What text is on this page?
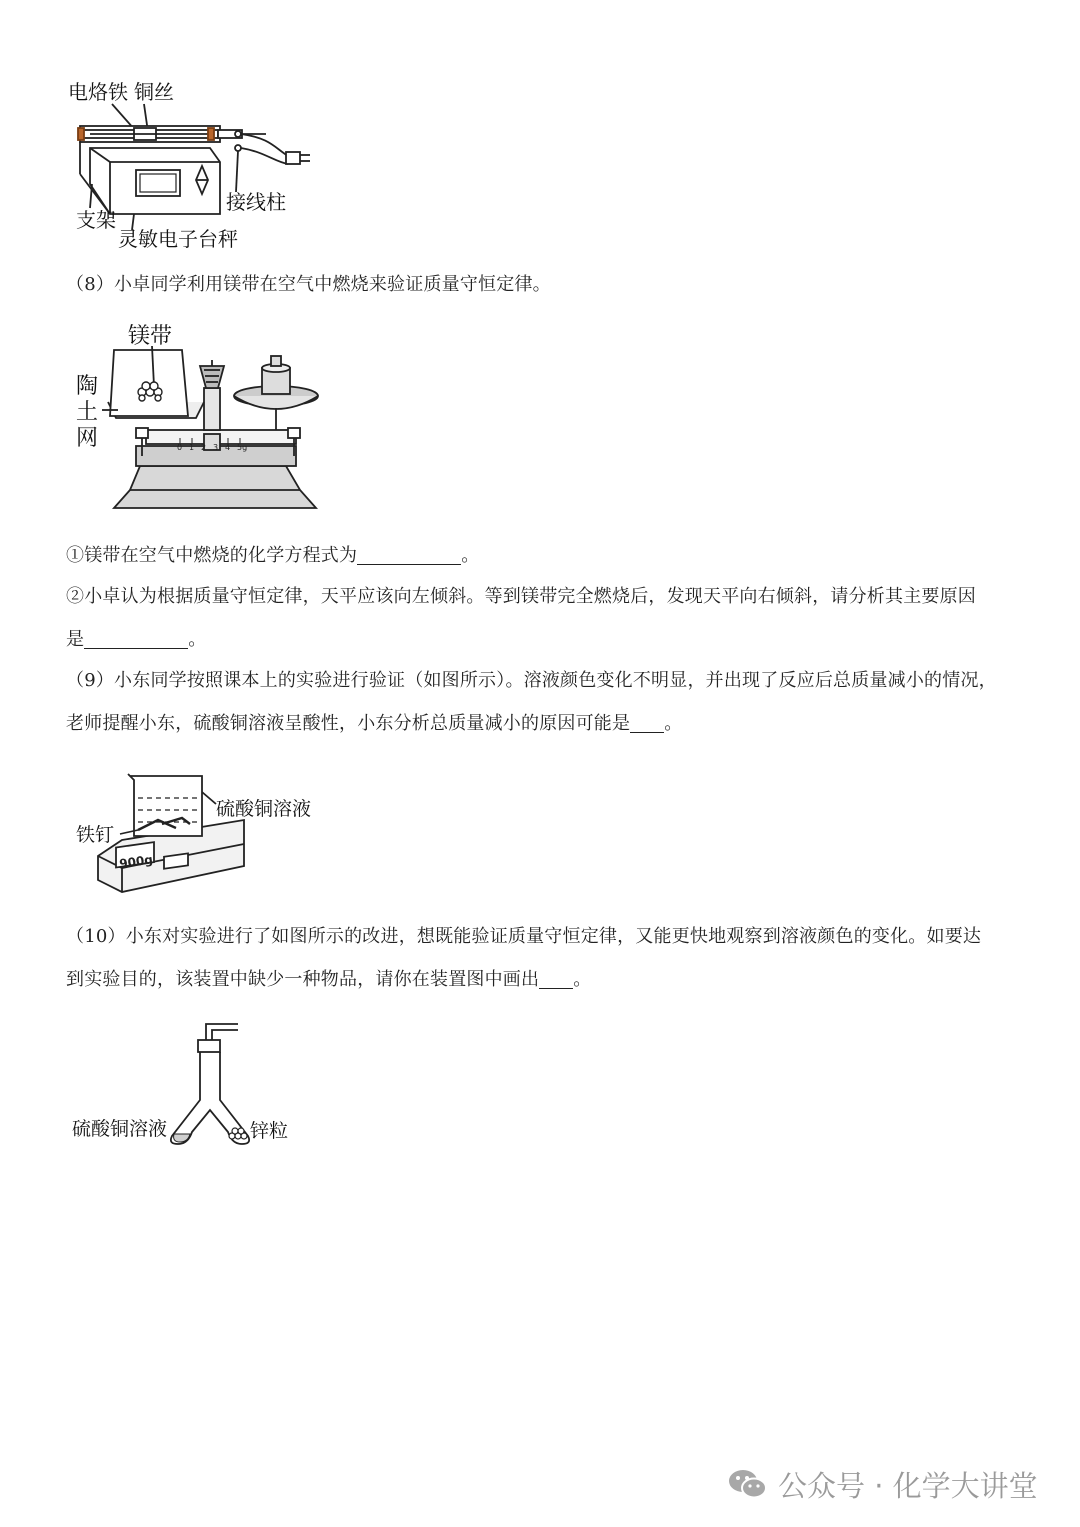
电烙铁 铜丝
接线柱
支架
灵敏电子台秤
（8）小卓同学利用镁带在空气中燃烧来验证质量守恒定律。
镁带
陶
土
网	0 1 2 3 4 5g
①镁带在空气中燃烧的化学方程式为	。
②小卓认为根据质量守恒定律，天平应该向左倾斜。等到镁带完全燃烧后，发现天平向右倾斜，请分析其主要原因
是	。
（9）小东同学按照课本上的实验进行验证（如图所示）。溶液颜色变化不明显，并出现了反应后总质量减小的情况，
老师提醒小东，硫酸铜溶液呈酸性，小东分析总质量减小的原因可能是 。
900g
硫酸铜溶液
铁钉
（10）小东对实验进行了如图所示的改进，想既能验证质量守恒定律，又能更快地观察到溶液颜色的变化。如要达
到实验目的，该装置中缺少一种物品，请你在装置图中画出 。
硫酸铜溶液	锌粒
公众号 · 化学大讲堂
